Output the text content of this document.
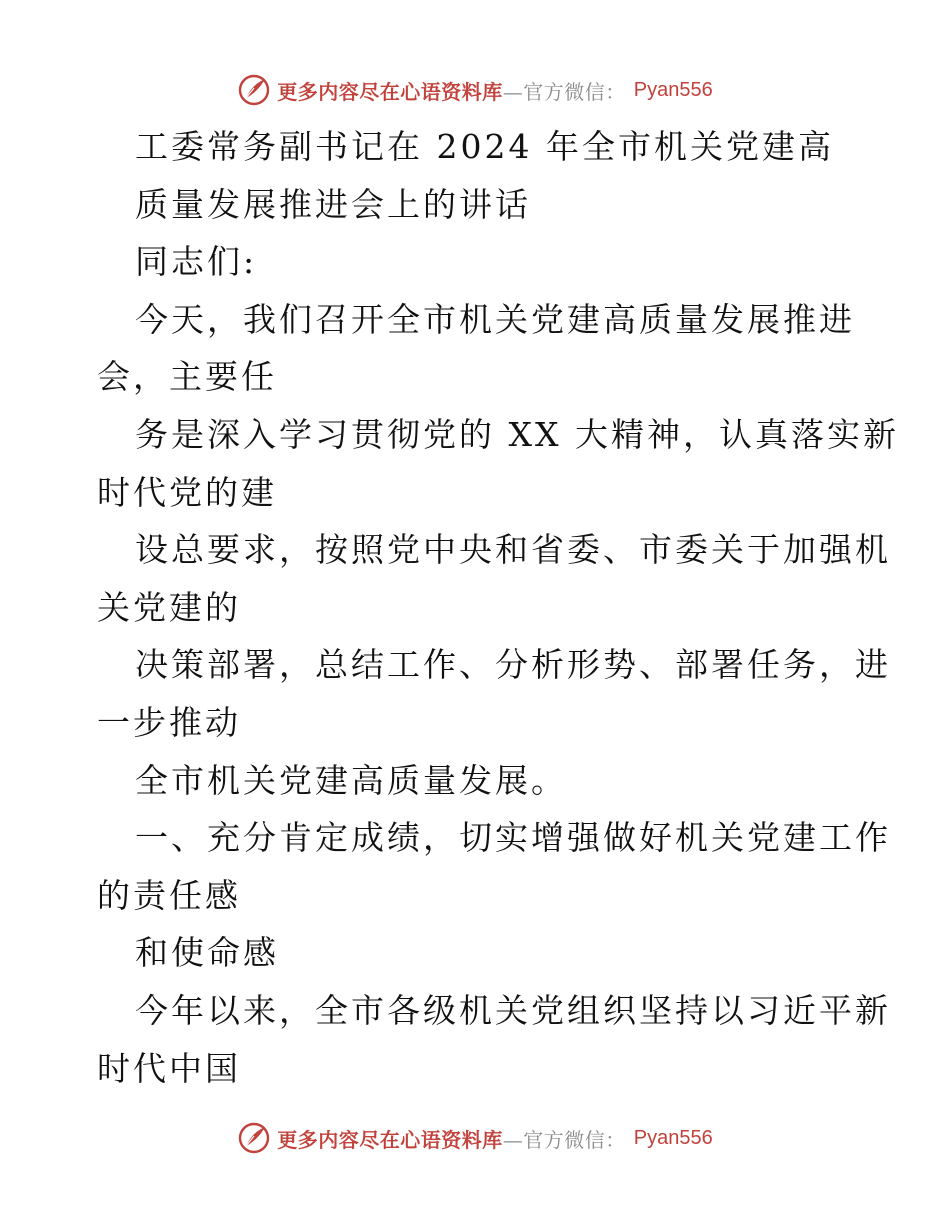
更多内容尽在心语资料库—官方微信： Pyan556
工委常务副书记在 2024 年全市机关党建高
质量发展推进会上的讲话
同志们:
今天，我们召开全市机关党建高质量发展推进
会，主要任
务是深入学习贯彻党的 XX 大精神，认真落实新
时代党的建
设总要求，按照党中央和省委、市委关于加强机
关党建的
决策部署，总结工作、分析形势、部署任务，进
一步推动
全市机关党建高质量发展。
一、充分肯定成绩，切实增强做好机关党建工作
的责任感
和使命感
今年以来，全市各级机关党组织坚持以习近平新
时代中国
更多内容尽在心语资料库—官方微信： Pyan556
